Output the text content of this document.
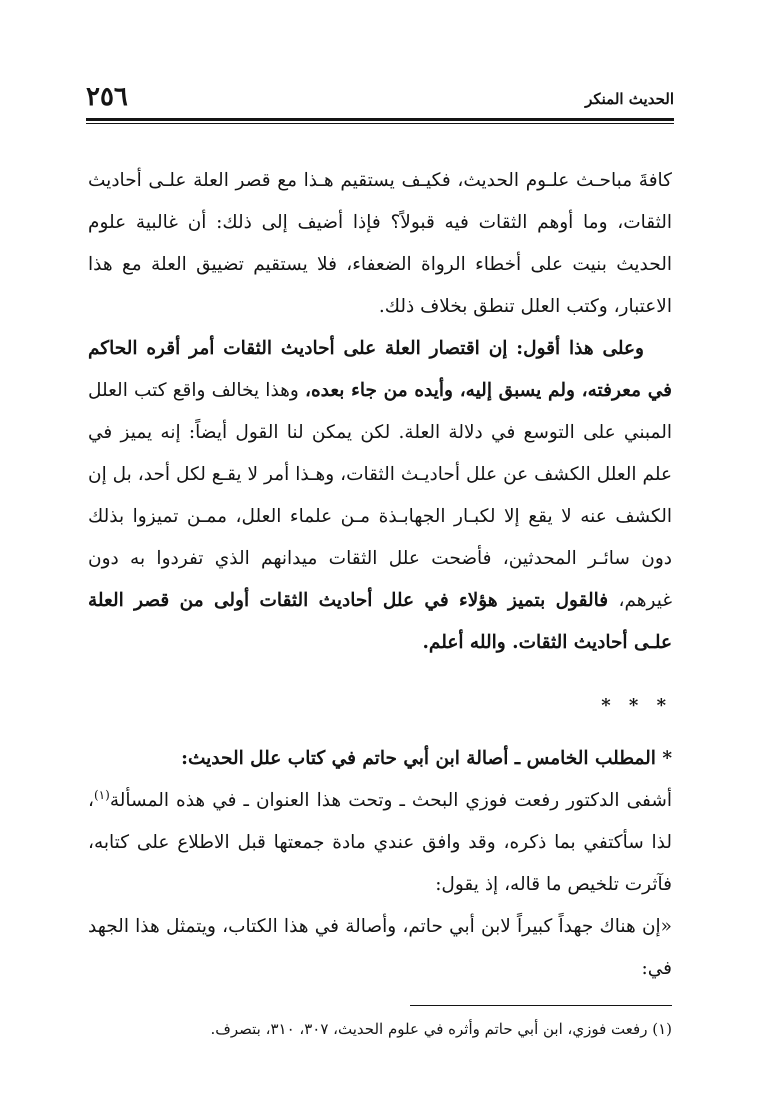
٢٥٦	الحديث المنكر

كافةَ مباحـث علـوم الحديث، فكيـف يستقيم هـذا مع قصر العلة علـى أحاديث الثقات، وما أوهم الثقات فيه قبولاً؟ فإذا أضيف إلى ذلك: أن غالبية علوم الحديث بنيت على أخطاء الرواة الضعفاء، فلا يستقيم تضييق العلة مع هذا الاعتبار، وكتب العلل تنطق بخلاف ذلك.

وعلى هذا أقول: إن اقتصار العلة على أحاديث الثقات أمر أقره الحاكم في معرفته، ولم يسبق إليه، وأيده من جاء بعده، وهذا يخالف واقع كتب العلل المبني على التوسع في دلالة العلة. لكن يمكن لنا القول أيضاً: إنه يميز في علم العلل الكشف عن علل أحاديـث الثقات، وهـذا أمر لا يقـع لكل أحد، بل إن الكشف عنه لا يقع إلا لكبـار الجهابـذة مـن علماء العلل، ممـن تميزوا بذلك دون سائـر المحدثين، فأضحت علل الثقات ميدانهم الذي تفردوا به دون غيرهم، فالقول بتميز هؤلاء في علل أحاديث الثقات أولى من قصر العلة علـى أحاديث الثقات. والله أعلم.

* * *

* المطلب الخامس ـ أصالة ابن أبي حاتم في كتاب علل الحديث:

أشفى الدكتور رفعت فوزي البحث ـ وتحت هذا العنوان ـ في هذه المسألة$^{(١)}$، لذا سأكتفي بما ذكره، وقد وافق عندي مادة جمعتها قبل الاطلاع على كتابه، فآثرت تلخيص ما قاله، إذ يقول:

«إن هناك جهداً كبيراً لابن أبي حاتم، وأصالة في هذا الكتاب، ويتمثل هذا الجهد في:

(١) رفعت فوزي، ابن أبي حاتم وأثره في علوم الحديث، ٣٠٧، ٣١٠، بتصرف.
